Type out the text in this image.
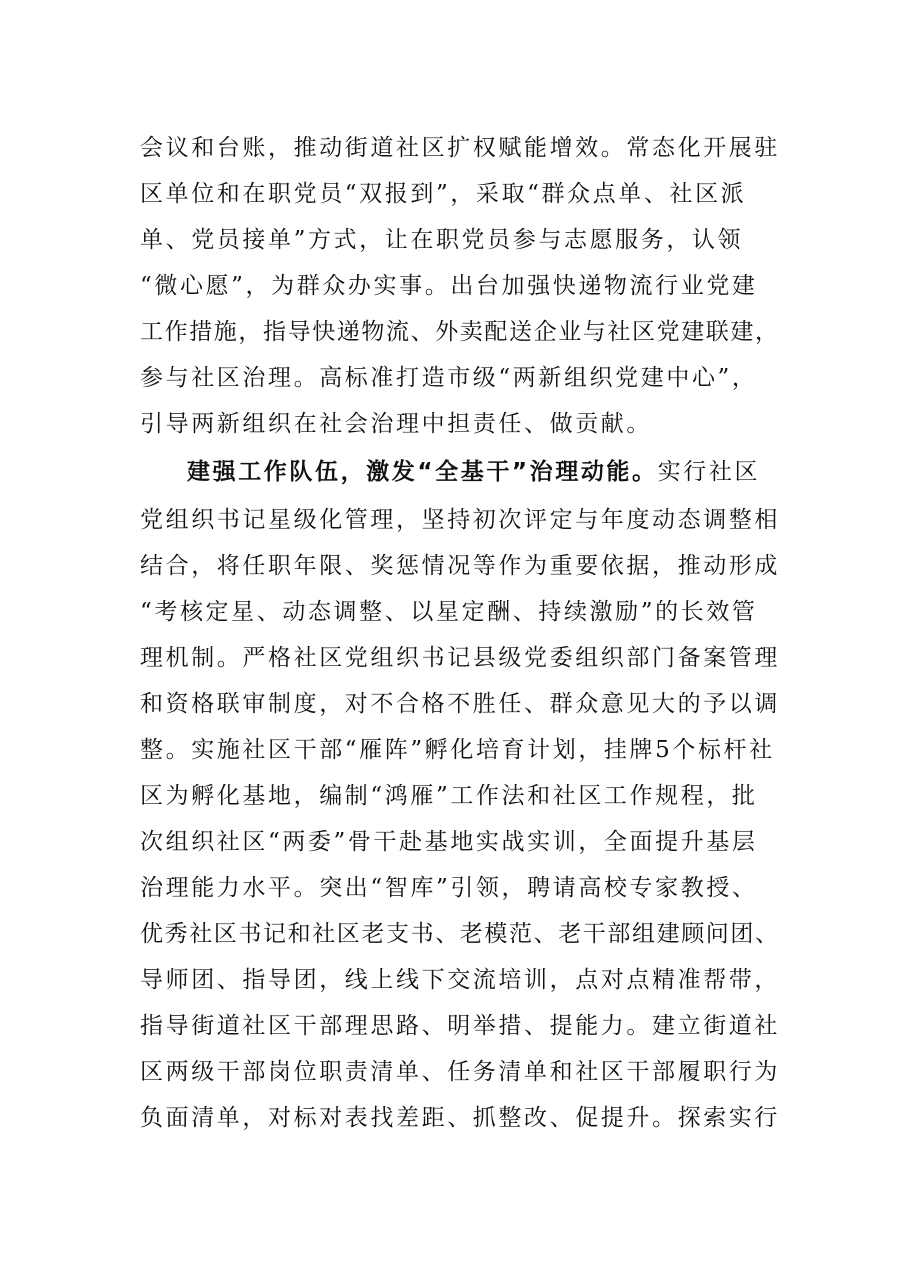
会议和台账，推动街道社区扩权赋能增效。常态化开展驻
区单位和在职党员“双报到”，采取“群众点单、社区派
单、党员接单”方式，让在职党员参与志愿服务，认领
“微心愿”，为群众办实事。出台加强快递物流行业党建
工作措施，指导快递物流、外卖配送企业与社区党建联建，
参与社区治理。高标准打造市级“两新组织党建中心”，
引导两新组织在社会治理中担责任、做贡献。
建强工作队伍，激发“全基干”治理动能。实行社区
党组织书记星级化管理，坚持初次评定与年度动态调整相
结合，将任职年限、奖惩情况等作为重要依据，推动形成
“考核定星、动态调整、以星定酬、持续激励”的长效管
理机制。严格社区党组织书记县级党委组织部门备案管理
和资格联审制度，对不合格不胜任、群众意见大的予以调
整。实施社区干部“雁阵”孵化培育计划，挂牌5个标杆社
区为孵化基地，编制“鸿雁”工作法和社区工作规程，批
次组织社区“两委”骨干赴基地实战实训，全面提升基层
治理能力水平。突出“智库”引领，聘请高校专家教授、
优秀社区书记和社区老支书、老模范、老干部组建顾问团、
导师团、指导团，线上线下交流培训，点对点精准帮带，
指导街道社区干部理思路、明举措、提能力。建立街道社
区两级干部岗位职责清单、任务清单和社区干部履职行为
负面清单，对标对表找差距、抓整改、促提升。探索实行
